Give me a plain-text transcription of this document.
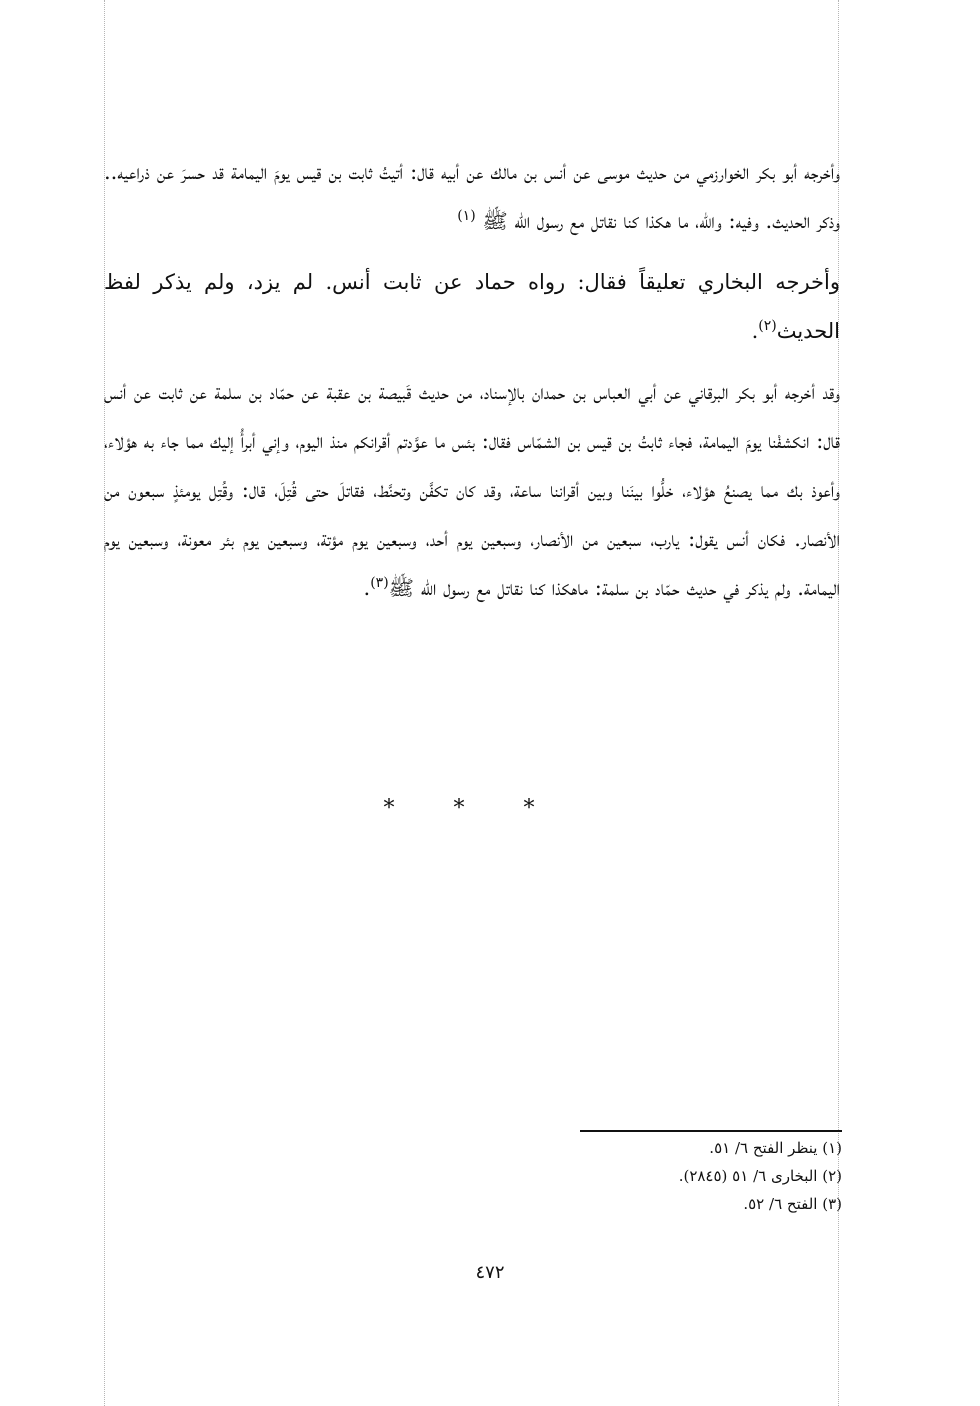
وأخرجه أبو بكر الخوارزمي من حديث موسى عن أنس بن مالك عن أبيه قال: أتيتُ ثابت بن قيس يومَ اليمامة قد حسرَ عن ذراعيه.. وذكر الحديث. وفيه: والله، ما هكذا كنا نقاتل مع رسول الله ﷺ $^{(١)}$

وأخرجه البخاري تعليقاً فقال: رواه حماد عن ثابت أنس. لم يزد، ولم يذكر لفظ الحديث$^{(٢)}$.

وقد أخرجه أبو بكر البرقاني عن أبي العباس بن حمدان بالإسناد، من حديث قَبيصة بن عقبة عن حمّاد بن سلمة عن ثابت عن أنس قال: انكشفْنا يومَ اليمامة، فجاء ثابتُ بن قيس بن الشمّاس فقال: بئس ما عوَّدتم أقرانكم منذ اليوم، وإني أبرأُ إليك مما جاء به هؤلاء، وأعوذ بك مما يصنعُ هؤلاء، خلُّوا بينَنا وبين أقراننا ساعة، وقد كان تكفَّن وتحنَّط، فقاتلَ حتى قُتِلَ، قال: وقُتِل يومئذٍ سبعون من الأنصار. فكان أنس يقول: يارب، سبعين من الأنصار، وسبعين يوم أحد، وسبعين يوم مؤتة، وسبعين يوم بئر معونة، وسبعين يوم اليمامة. ولم يذكر في حديث حمّاد بن سلمة: ماهكذا كنا نقاتل مع رسول الله ﷺ$^{(٣)}$.

* * *
(١) ينظر الفتح ٦/ ٥١.
(٢) البخارى ٦/ ٥١ (٢٨٤٥).
(٣) الفتح ٦/ ٥٢.
٤٧٢
